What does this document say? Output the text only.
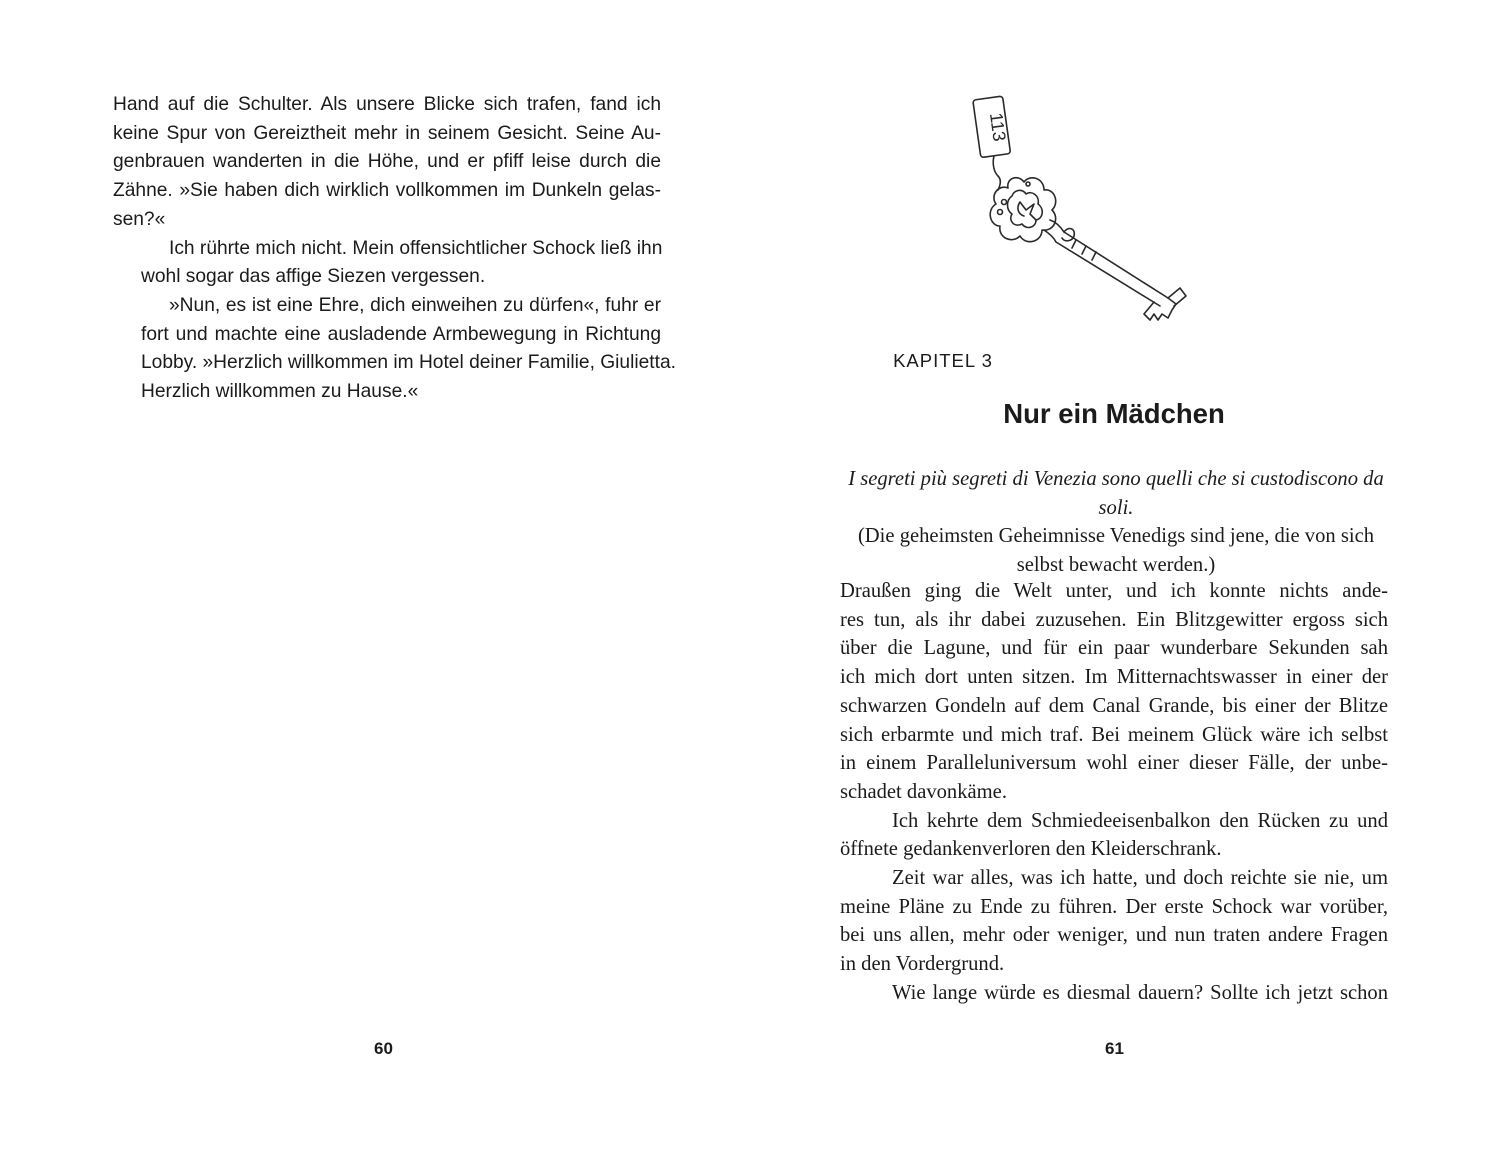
Hand auf die Schulter. Als unsere Blicke sich trafen, fand ich
keine Spur von Gereiztheit mehr in seinem Gesicht. Seine Au-
genbrauen wanderten in die Höhe, und er pfiff leise durch die
Zähne. »Sie haben dich wirklich vollkommen im Dunkeln gelas-
sen?«

Ich rührte mich nicht. Mein offensichtlicher Schock ließ ihn
wohl sogar das affige Siezen vergessen.

»Nun, es ist eine Ehre, dich einweihen zu dürfen«, fuhr er
fort und machte eine ausladende Armbewegung in Richtung
Lobby. »Herzlich willkommen im Hotel deiner Familie, Giulietta.
Herzlich willkommen zu Hause.«

60
113
KAPITEL 3
Nur ein Mädchen
I segreti più segreti di Venezia sono quelli che si custodiscono da soli.
(Die geheimsten Geheimnisse Venedigs sind jene, die von sich
selbst bewacht werden.)

Draußen ging die Welt unter, und ich konnte nichts ande-
res tun, als ihr dabei zuzusehen. Ein Blitzgewitter ergoss sich
über die Lagune, und für ein paar wunderbare Sekunden sah
ich mich dort unten sitzen. Im Mitternachtswasser in einer der
schwarzen Gondeln auf dem Canal Grande, bis einer der Blitze
sich erbarmte und mich traf. Bei meinem Glück wäre ich selbst
in einem Paralleluniversum wohl einer dieser Fälle, der unbe-
schadet davonkäme.

Ich kehrte dem Schmiedeeisenbalkon den Rücken zu und
öffnete gedankenverloren den Kleiderschrank.

Zeit war alles, was ich hatte, und doch reichte sie nie, um
meine Pläne zu Ende zu führen. Der erste Schock war vorüber,
bei uns allen, mehr oder weniger, und nun traten andere Fragen
in den Vordergrund.

Wie lange würde es diesmal dauern? Sollte ich jetzt schon

61
